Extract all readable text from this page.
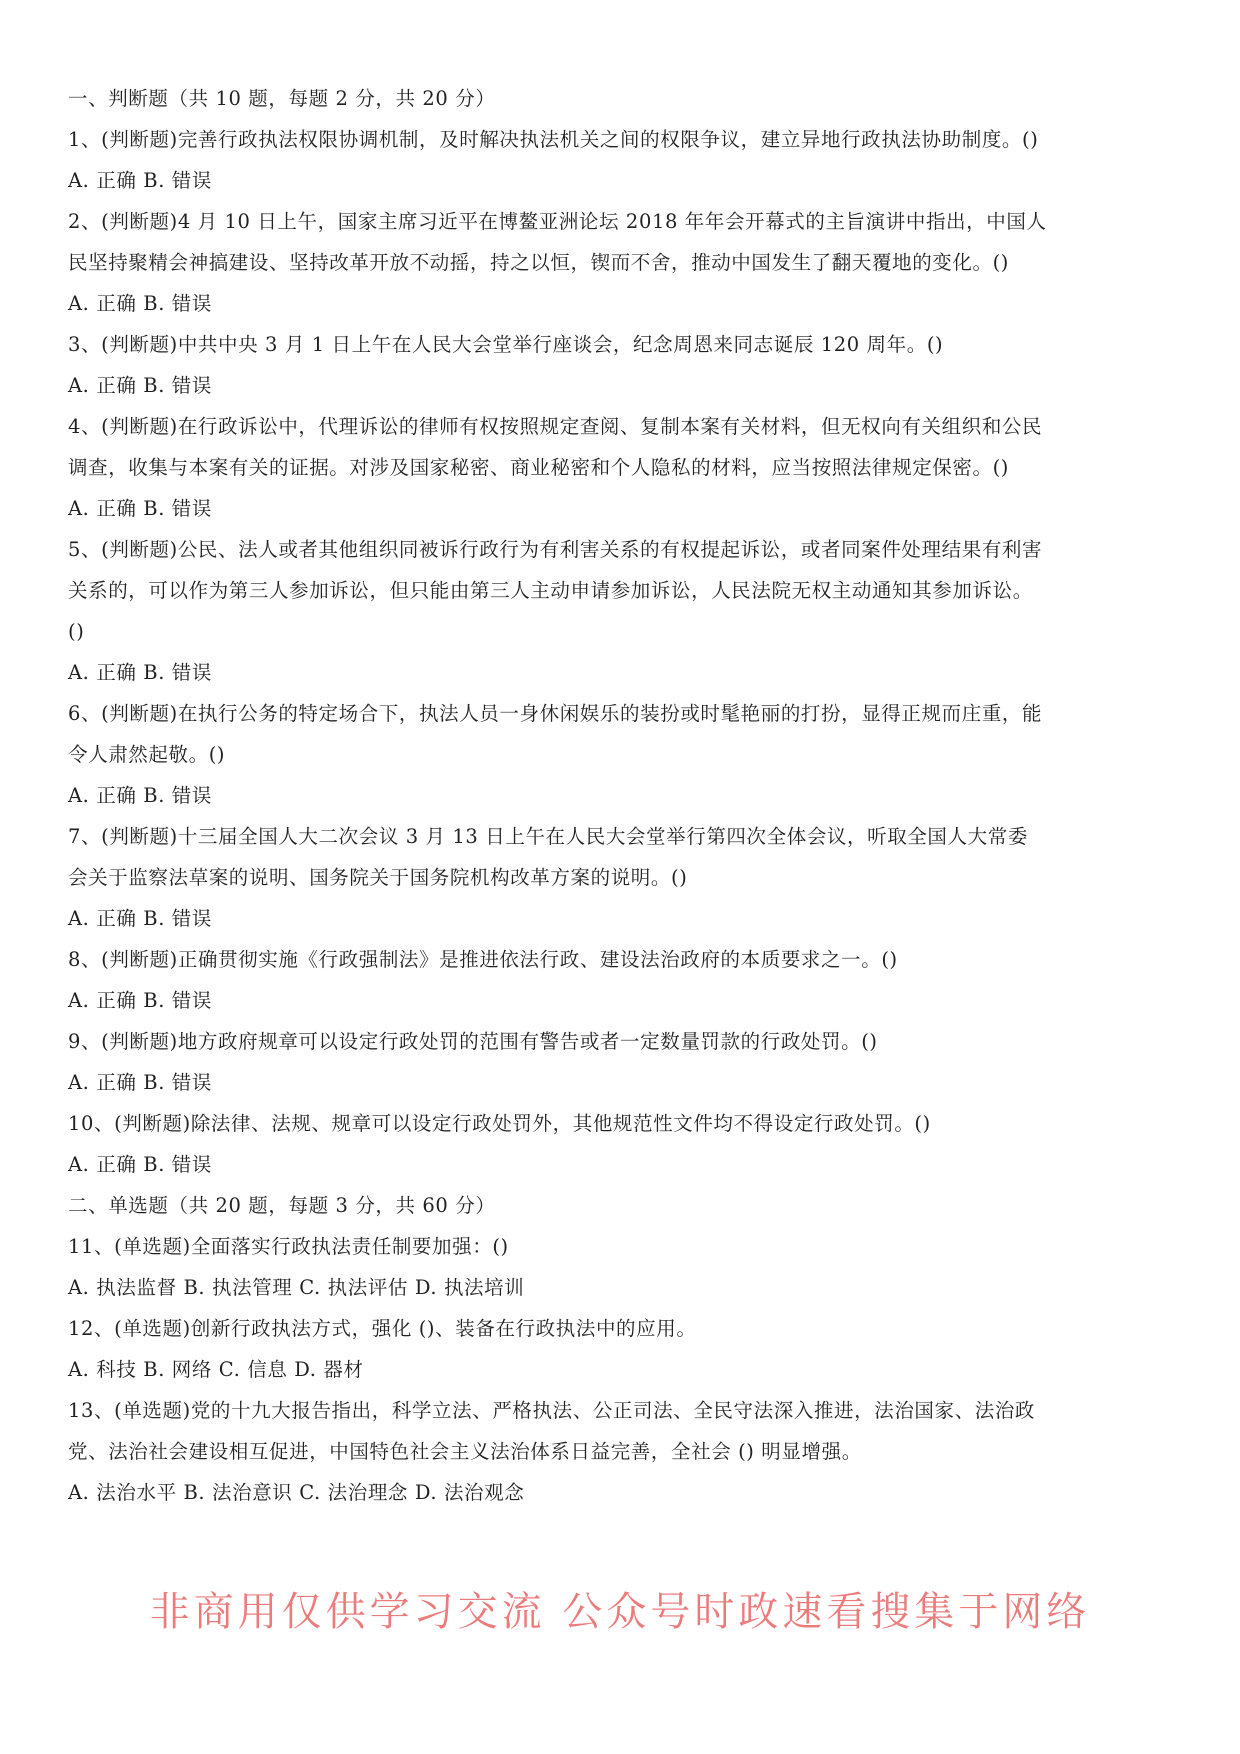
一、判断题（共 10 题，每题 2 分，共 20 分）
1、(判断题)完善行政执法权限协调机制，及时解决执法机关之间的权限争议，建立异地行政执法协助制度。()
A. 正确 B. 错误
2、(判断题)4 月 10 日上午，国家主席习近平在博鳌亚洲论坛 2018 年年会开幕式的主旨演讲中指出，中国人民坚持聚精会神搞建设、坚持改革开放不动摇，持之以恒，锲而不舍，推动中国发生了翻天覆地的变化。()
A. 正确 B. 错误
3、(判断题)中共中央 3 月 1 日上午在人民大会堂举行座谈会，纪念周恩来同志诞辰 120 周年。()
A. 正确 B. 错误
4、(判断题)在行政诉讼中，代理诉讼的律师有权按照规定查阅、复制本案有关材料，但无权向有关组织和公民调查，收集与本案有关的证据。对涉及国家秘密、商业秘密和个人隐私的材料，应当按照法律规定保密。()
A. 正确 B. 错误
5、(判断题)公民、法人或者其他组织同被诉行政行为有利害关系的有权提起诉讼，或者同案件处理结果有利害关系的，可以作为第三人参加诉讼，但只能由第三人主动申请参加诉讼，人民法院无权主动通知其参加诉讼。()
A. 正确 B. 错误
6、(判断题)在执行公务的特定场合下，执法人员一身休闲娱乐的装扮或时髦艳丽的打扮，显得正规而庄重，能令人肃然起敬。()
A. 正确 B. 错误
7、(判断题)十三届全国人大二次会议 3 月 13 日上午在人民大会堂举行第四次全体会议，听取全国人大常委会关于监察法草案的说明、国务院关于国务院机构改革方案的说明。()
A. 正确 B. 错误
8、(判断题)正确贯彻实施《行政强制法》是推进依法行政、建设法治政府的本质要求之一。()
A. 正确 B. 错误
9、(判断题)地方政府规章可以设定行政处罚的范围有警告或者一定数量罚款的行政处罚。()
A. 正确 B. 错误
10、(判断题)除法律、法规、规章可以设定行政处罚外，其他规范性文件均不得设定行政处罚。()
A. 正确 B. 错误
二、单选题（共 20 题，每题 3 分，共 60 分）
11、(单选题)全面落实行政执法责任制要加强：()
A. 执法监督 B. 执法管理 C. 执法评估 D. 执法培训
12、(单选题)创新行政执法方式，强化 ()、装备在行政执法中的应用。
A. 科技 B. 网络 C. 信息 D. 器材
13、(单选题)党的十九大报告指出，科学立法、严格执法、公正司法、全民守法深入推进，法治国家、法治政党、法治社会建设相互促进，中国特色社会主义法治体系日益完善，全社会 () 明显增强。
A. 法治水平 B. 法治意识 C. 法治理念 D. 法治观念
非商用仅供学习交流 公众号时政速看搜集于网络
